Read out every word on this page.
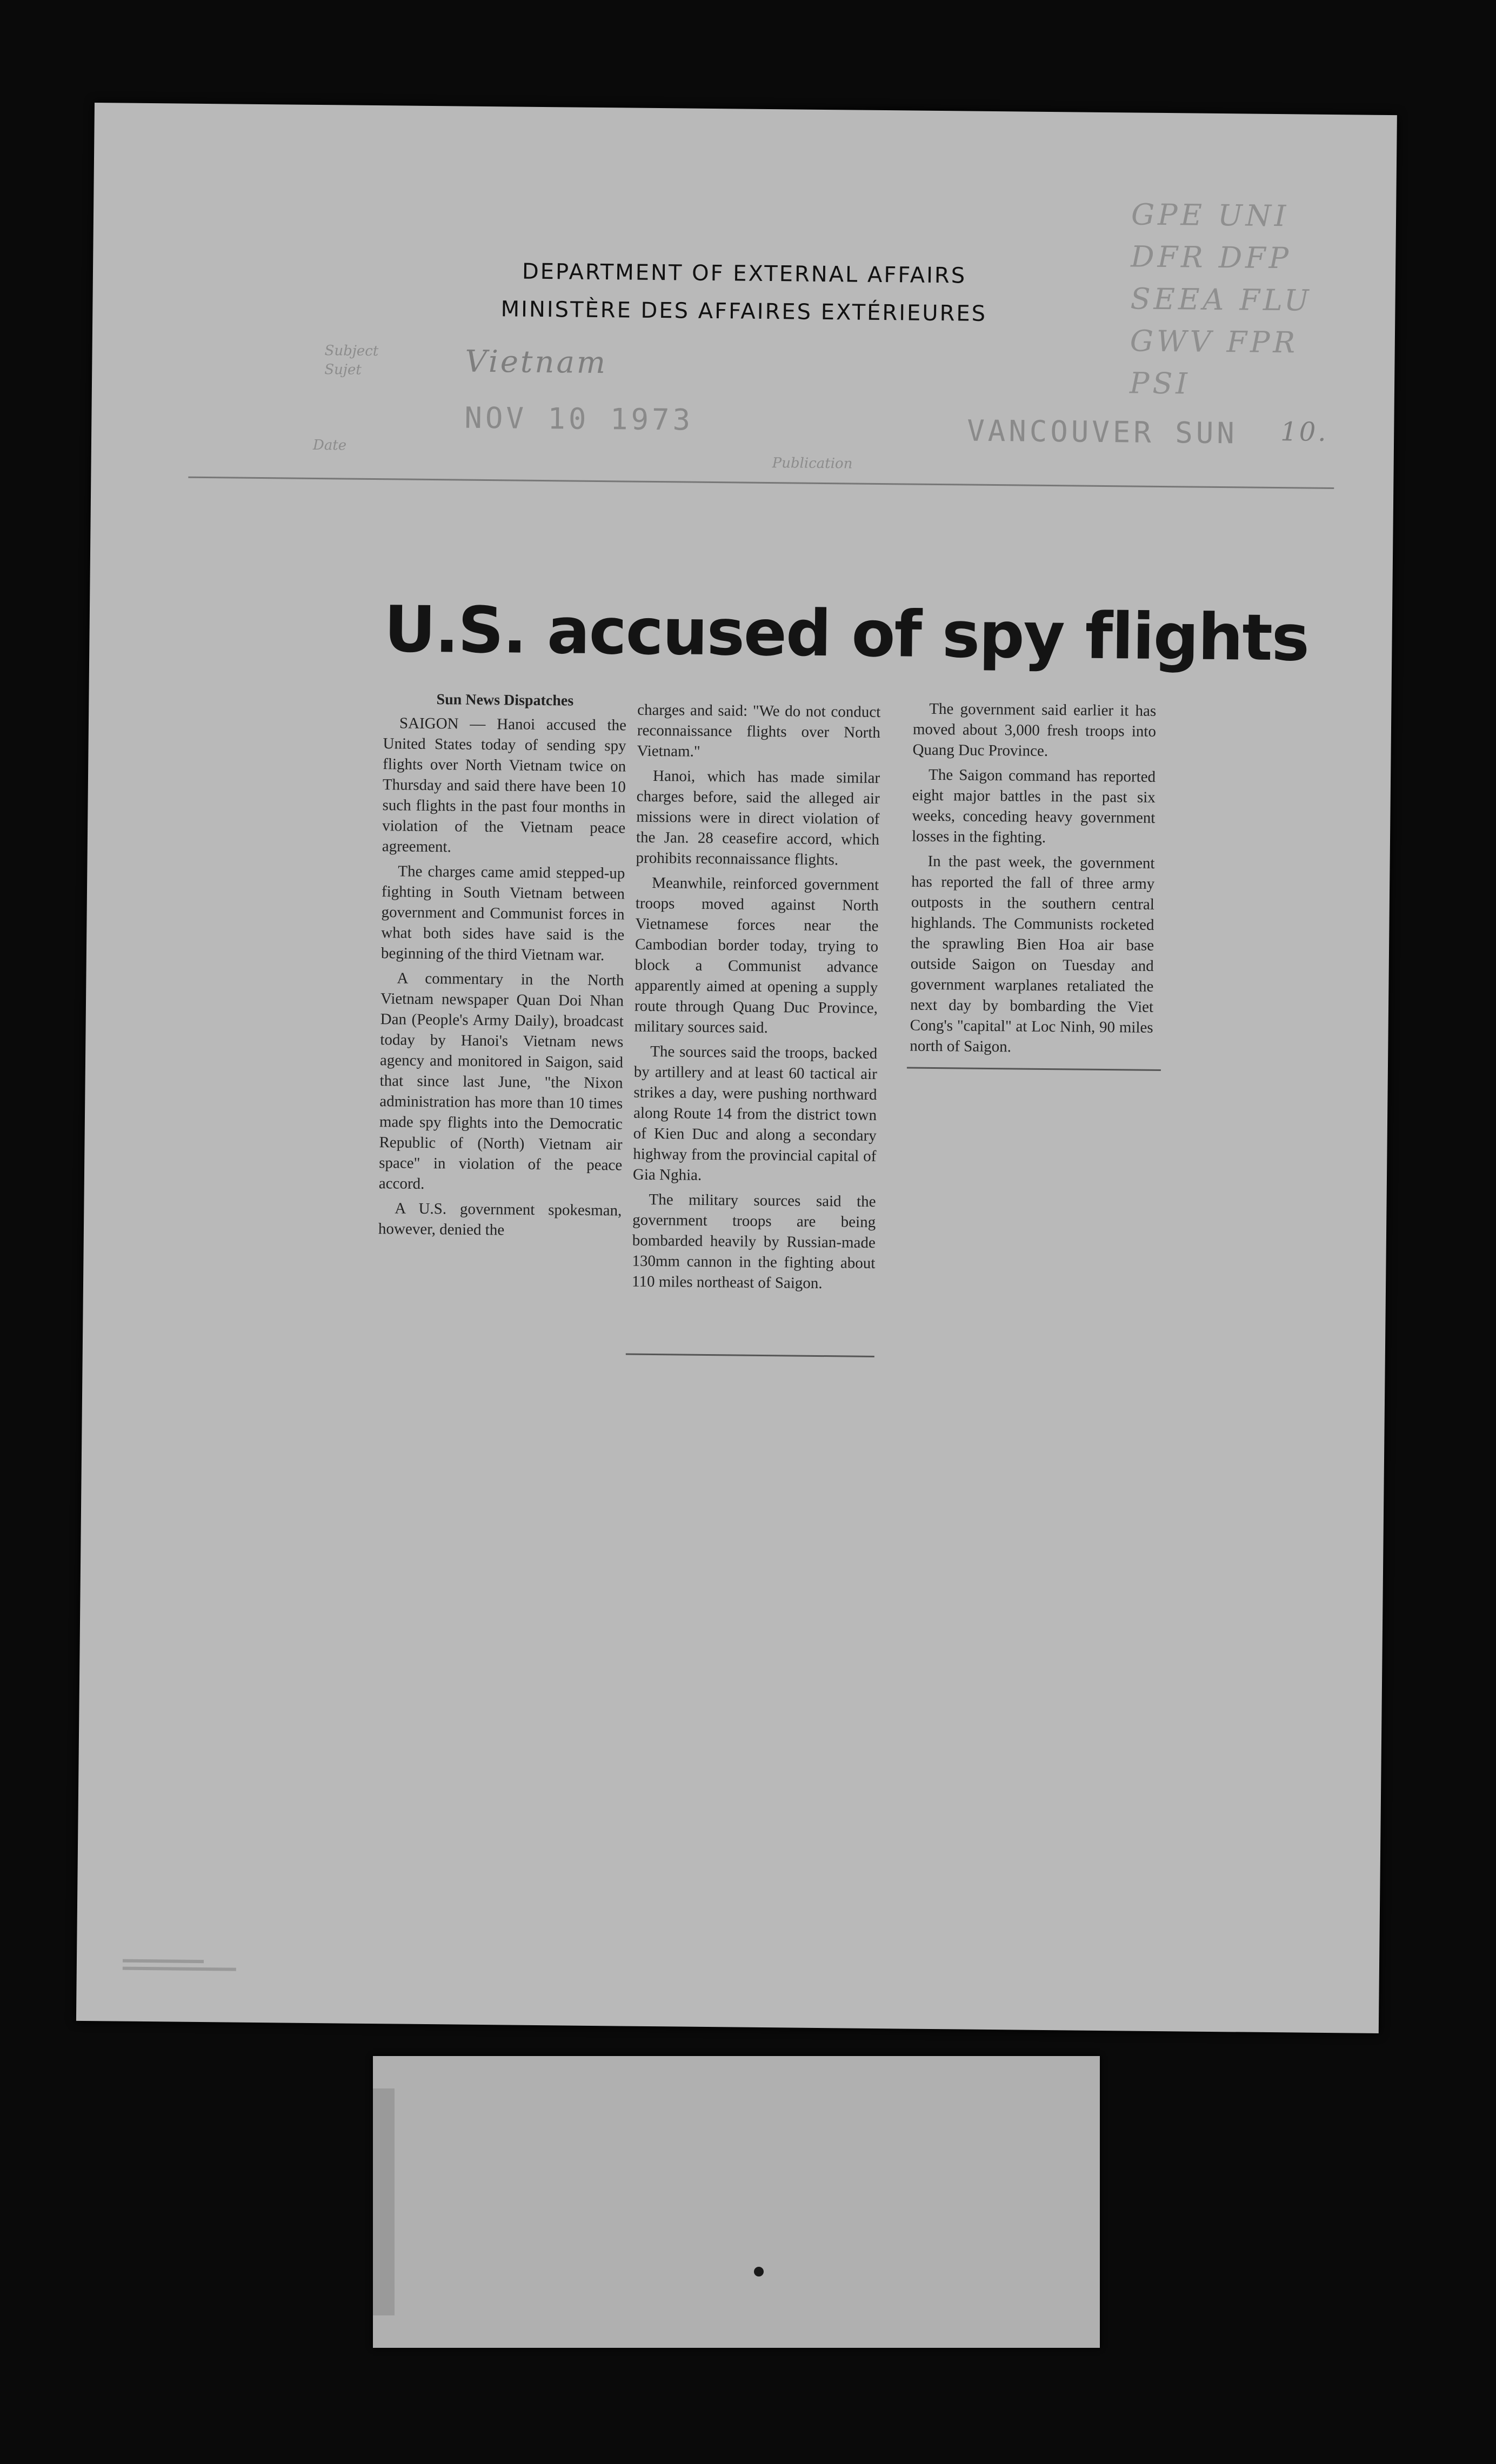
GPE UNI
DFR DFP
SEEA FLU
GWV FPR
PSI
DEPARTMENT OF EXTERNAL AFFAIRS
MINISTÈRE DES AFFAIRES EXTÉRIEURES
Subject
Sujet
Date
Publication
Vietnam
NOV 10 1973	VANCOUVER SUN 10.
U.S. accused of spy flights

Sun News Dispatches

SAIGON — Hanoi accused the United States today of sending spy flights over North Vietnam twice on Thursday and said there have been 10 such flights in the past four months in violation of the Vietnam peace agreement.

The charges came amid stepped-up fighting in South Vietnam between government and Communist forces in what both sides have said is the beginning of the third Vietnam war.

A commentary in the North Vietnam newspaper Quan Doi Nhan Dan (People's Army Daily), broadcast today by Hanoi's Vietnam news agency and monitored in Saigon, said that since last June, "the Nixon administration has more than 10 times made spy flights into the Democratic Republic of (North) Vietnam air space" in violation of the peace accord.

A U.S. government spokesman, however, denied the

charges and said: "We do not conduct reconnaissance flights over North Vietnam."

Hanoi, which has made similar charges before, said the alleged air missions were in direct violation of the Jan. 28 ceasefire accord, which prohibits reconnaissance flights.

Meanwhile, reinforced government troops moved against North Vietnamese forces near the Cambodian border today, trying to block a Communist advance apparently aimed at opening a supply route through Quang Duc Province, military sources said.

The sources said the troops, backed by artillery and at least 60 tactical air strikes a day, were pushing northward along Route 14 from the district town of Kien Duc and along a secondary highway from the provincial capital of Gia Nghia.

The military sources said the government troops are being bombarded heavily by Russian-made 130mm cannon in the fighting about 110 miles northeast of Saigon.

The government said earlier it has moved about 3,000 fresh troops into Quang Duc Province.

The Saigon command has reported eight major battles in the past six weeks, conceding heavy government losses in the fighting.

In the past week, the government has reported the fall of three army outposts in the southern central highlands. The Communists rocketed the sprawling Bien Hoa air base outside Saigon on Tuesday and government warplanes retaliated the next day by bombarding the Viet Cong's "capital" at Loc Ninh, 90 miles north of Saigon.
